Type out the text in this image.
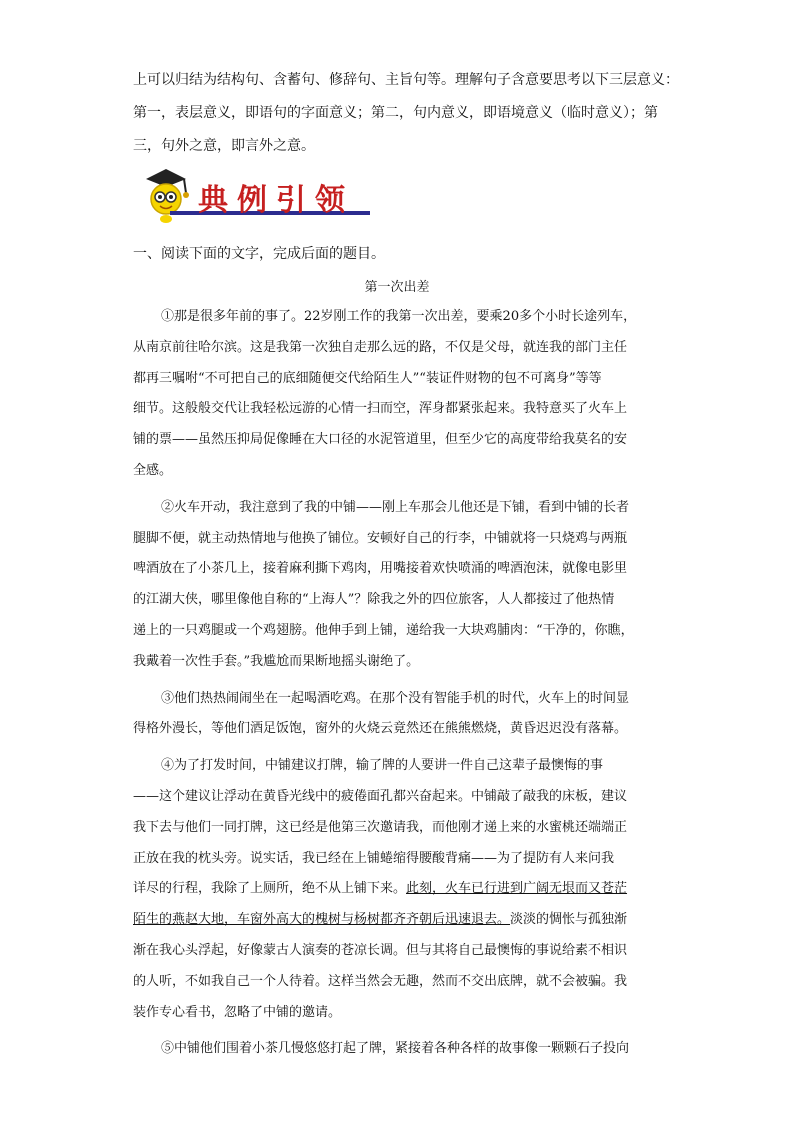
上可以归结为结构句、含蓄句、修辞句、主旨句等。理解句子含意要思考以下三层意义：

第一，表层意义，即语句的字面意义；第二，句内意义，即语境意义（临时意义）；第

三，句外之意，即言外之意。

典例引领
一、阅读下面的文字，完成后面的题目。
第一次出差
①那是很多年前的事了。22岁刚工作的我第一次出差，要乘20多个小时长途列车，
从南京前往哈尔滨。这是我第一次独自走那么远的路，不仅是父母，就连我的部门主任
都再三嘱咐“不可把自己的底细随便交代给陌生人”“装证件财物的包不可离身”等等
细节。这般般交代让我轻松远游的心情一扫而空，浑身都紧张起来。我特意买了火车上
铺的票——虽然压抑局促像睡在大口径的水泥管道里，但至少它的高度带给我莫名的安
全感。
②火车开动，我注意到了我的中铺——刚上车那会儿他还是下铺，看到中铺的长者
腿脚不便，就主动热情地与他换了铺位。安顿好自己的行李，中铺就将一只烧鸡与两瓶
啤酒放在了小茶几上，接着麻利撕下鸡肉，用嘴接着欢快喷涌的啤酒泡沫，就像电影里
的江湖大侠，哪里像他自称的“上海人”？除我之外的四位旅客，人人都接过了他热情
递上的一只鸡腿或一个鸡翅膀。他伸手到上铺，递给我一大块鸡脯肉：“干净的，你瞧，
我戴着一次性手套。”我尴尬而果断地摇头谢绝了。
③他们热热闹闹坐在一起喝酒吃鸡。在那个没有智能手机的时代，火车上的时间显
得格外漫长，等他们酒足饭饱，窗外的火烧云竟然还在熊熊燃烧，黄昏迟迟没有落幕。
④为了打发时间，中铺建议打牌，输了牌的人要讲一件自己这辈子最懊悔的事
——这个建议让浮动在黄昏光线中的疲倦面孔都兴奋起来。中铺敲了敲我的床板，建议
我下去与他们一同打牌，这已经是他第三次邀请我，而他刚才递上来的水蜜桃还端端正
正放在我的枕头旁。说实话，我已经在上铺蜷缩得腰酸背痛——为了提防有人来问我
详尽的行程，我除了上厕所，绝不从上铺下来。此刻，火车已行进到广阔无垠而又苍茫
陌生的燕赵大地，车窗外高大的槐树与杨树都齐齐朝后迅速退去。淡淡的惆怅与孤独渐
渐在我心头浮起，好像蒙古人演奏的苍凉长调。但与其将自己最懊悔的事说给素不相识
的人听，不如我自己一个人待着。这样当然会无趣，然而不交出底牌，就不会被骗。我
装作专心看书，忽略了中铺的邀请。
⑤中铺他们围着小茶几慢悠悠打起了牌，紧接着各种各样的故事像一颗颗石子投向
